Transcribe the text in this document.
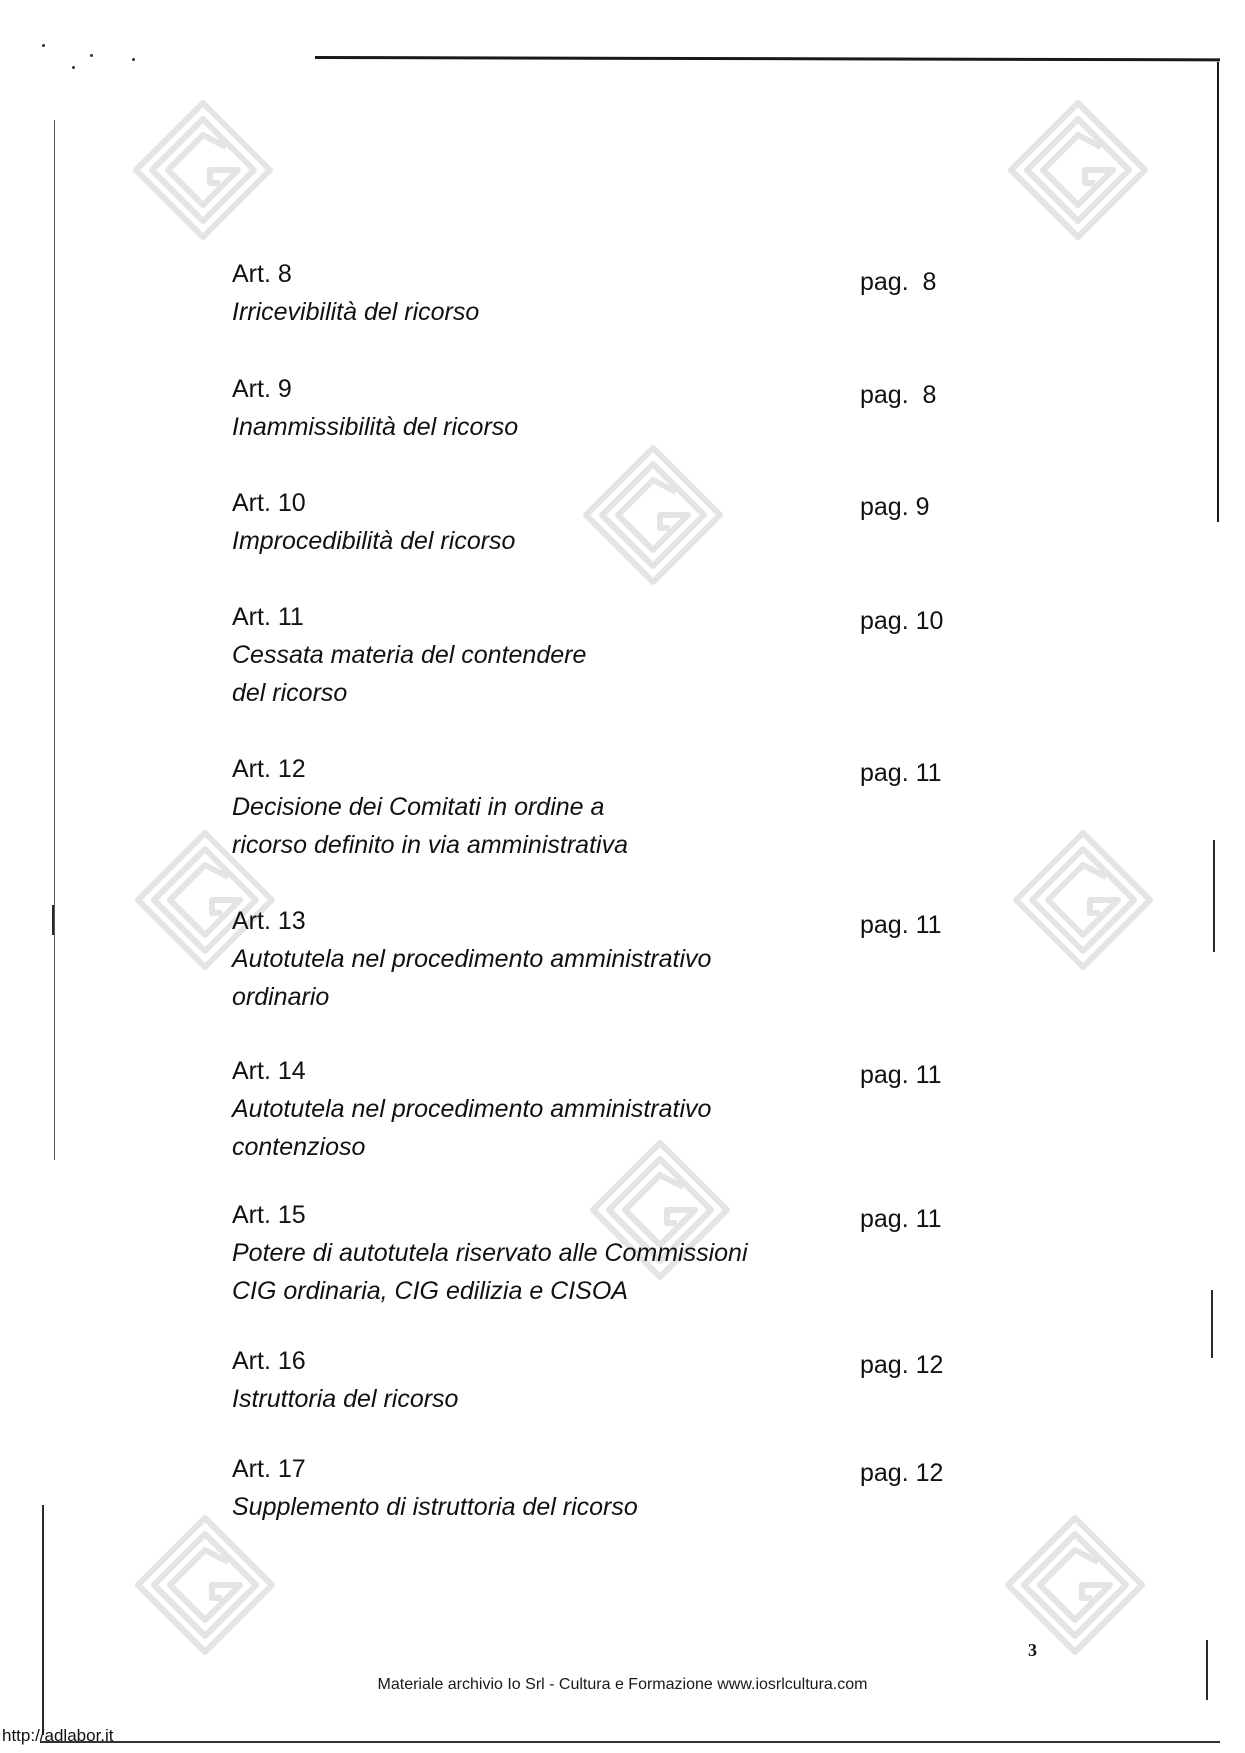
Art. 8
Irricevibilità del ricorso
pag.  8
Art. 9
Inammissibilità del ricorso
pag.  8
Art. 10
Improcedibilità del ricorso
pag. 9
Art. 11
Cessata materia del contendere
del ricorso
pag. 10
Art. 12
Decisione dei Comitati in ordine a
ricorso definito in via amministrativa
pag. 11
Art. 13
Autotutela nel procedimento amministrativo
ordinario
pag. 11
Art. 14
Autotutela nel procedimento amministrativo
contenzioso
pag. 11
Art. 15
Potere di autotutela riservato alle Commissioni
CIG ordinaria, CIG edilizia e CISOA
pag. 11
Art. 16
Istruttoria del ricorso
pag. 12
Art. 17
Supplemento di istruttoria del ricorso
pag. 12
3
Materiale archivio Io Srl - Cultura e Formazione www.iosrlcultura.com
http://adlabor.it
